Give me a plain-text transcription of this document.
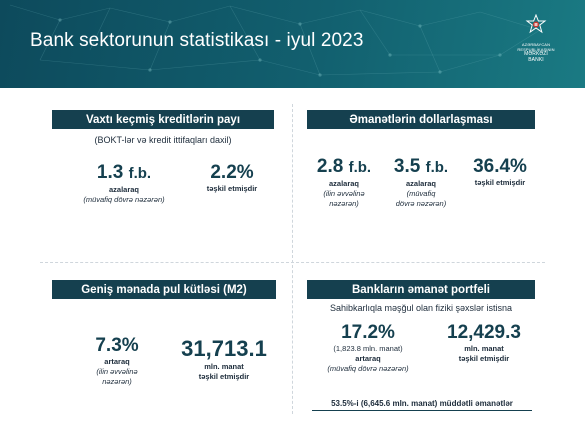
Bank sektorunun statistikası - iyul 2023	AZƏRBAYCAN
RESPUBLİKASININ
MƏRKƏZİ
BANKI
Vaxtı keçmiş kreditlərin payı
(BOKT-lər və kredit ittifaqları daxil)
1.3 f.b.
azalaraq
(müvafiq dövrə nəzərən)
2.2%
təşkil etmişdir
Əmanətlərin dollarlaşması
2.8 f.b.
azalaraq
(ilin əvvəlinə
nəzərən)
3.5 f.b.
azalaraq
(müvafiq
dövrə nəzərən)
36.4%
təşkil etmişdir
Geniş mənada pul kütləsi (M2)
7.3%
artaraq
(ilin əvvəlinə
nəzərən)
31,713.1
mln. manat
təşkil etmişdir
Bankların əmanət portfeli
Sahibkarlıqla məşğul olan fiziki şəxslər istisna
17.2%
(1,823.8 mln. manat)
artaraq
(müvafiq dövrə nəzərən)
12,429.3
mln. manat
təşkil etmişdir
53.5%-i (6,645.6 mln. manat) müddətli əmanətlər
